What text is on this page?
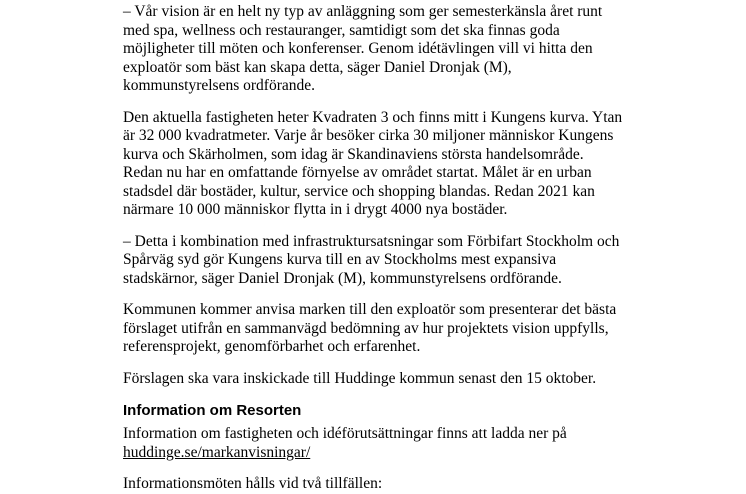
– Vår vision är en helt ny typ av anläggning som ger semesterkänsla året runt med spa, wellness och restauranger, samtidigt som det ska finnas goda möjligheter till möten och konferenser. Genom idétävlingen vill vi hitta den exploatör som bäst kan skapa detta, säger Daniel Dronjak (M), kommunstyrelsens ordförande.

Den aktuella fastigheten heter Kvadraten 3 och finns mitt i Kungens kurva. Ytan är 32 000 kvadratmeter. Varje år besöker cirka 30 miljoner människor Kungens kurva och Skärholmen, som idag är Skandinaviens största handelsområde. Redan nu har en omfattande förnyelse av området startat. Målet är en urban stadsdel där bostäder, kultur, service och shopping blandas. Redan 2021 kan närmare 10 000 människor flytta in i drygt 4000 nya bostäder.

– Detta i kombination med infrastruktursatsningar som Förbifart Stockholm och Spårväg syd gör Kungens kurva till en av Stockholms mest expansiva stadskärnor, säger Daniel Dronjak (M), kommunstyrelsens ordförande.

Kommunen kommer anvisa marken till den exploatör som presenterar det bästa förslaget utifrån en sammanvägd bedömning av hur projektets vision uppfylls, referensprojekt, genomförbarhet och erfarenhet.

Förslagen ska vara inskickade till Huddinge kommun senast den 15 oktober.

Information om Resorten

Information om fastigheten och idéförutsättningar finns att ladda ner på huddinge.se/markanvisningar/

Informationsmöten hålls vid två tillfällen:
